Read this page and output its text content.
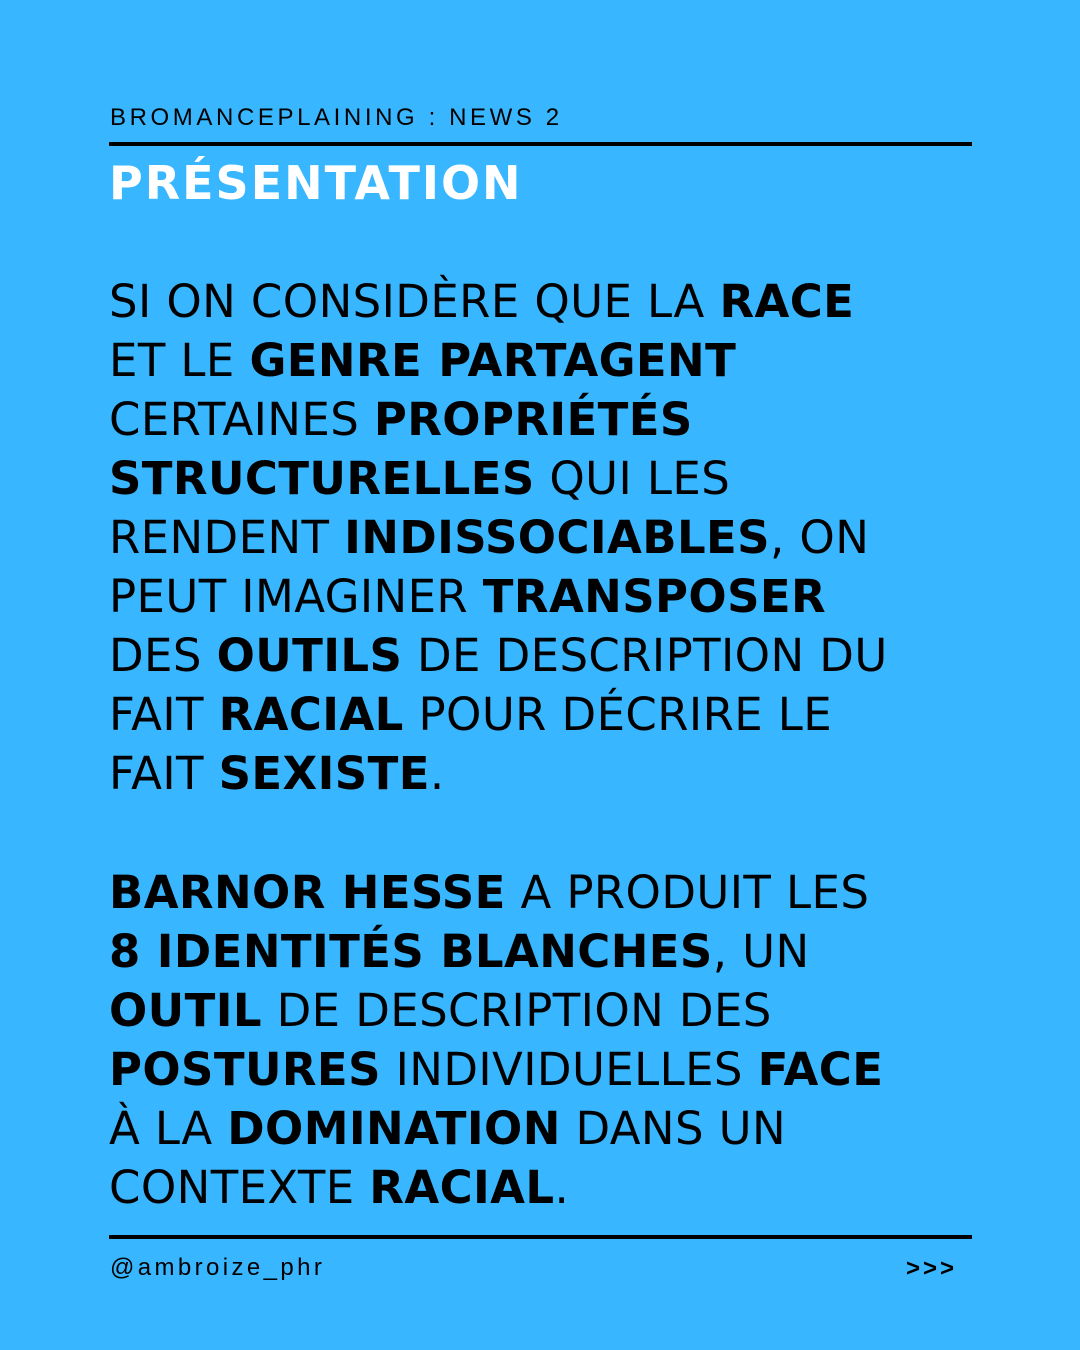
BROMANCEPLAINING : NEWS 2
PRÉSENTATION

SI ON CONSIDÈRE QUE LA RACE
ET LE GENRE PARTAGENT
CERTAINES PROPRIÉTÉS
STRUCTURELLES QUI LES
RENDENT INDISSOCIABLES, ON
PEUT IMAGINER TRANSPOSER
DES OUTILS DE DESCRIPTION DU
FAIT RACIAL POUR DÉCRIRE LE
FAIT SEXISTE.

BARNOR HESSE A PRODUIT LES
8 IDENTITÉS BLANCHES, UN
OUTIL DE DESCRIPTION DES
POSTURES INDIVIDUELLES FACE
À LA DOMINATION DANS UN
CONTEXTE RACIAL.

@ambroize_phr	>>>
